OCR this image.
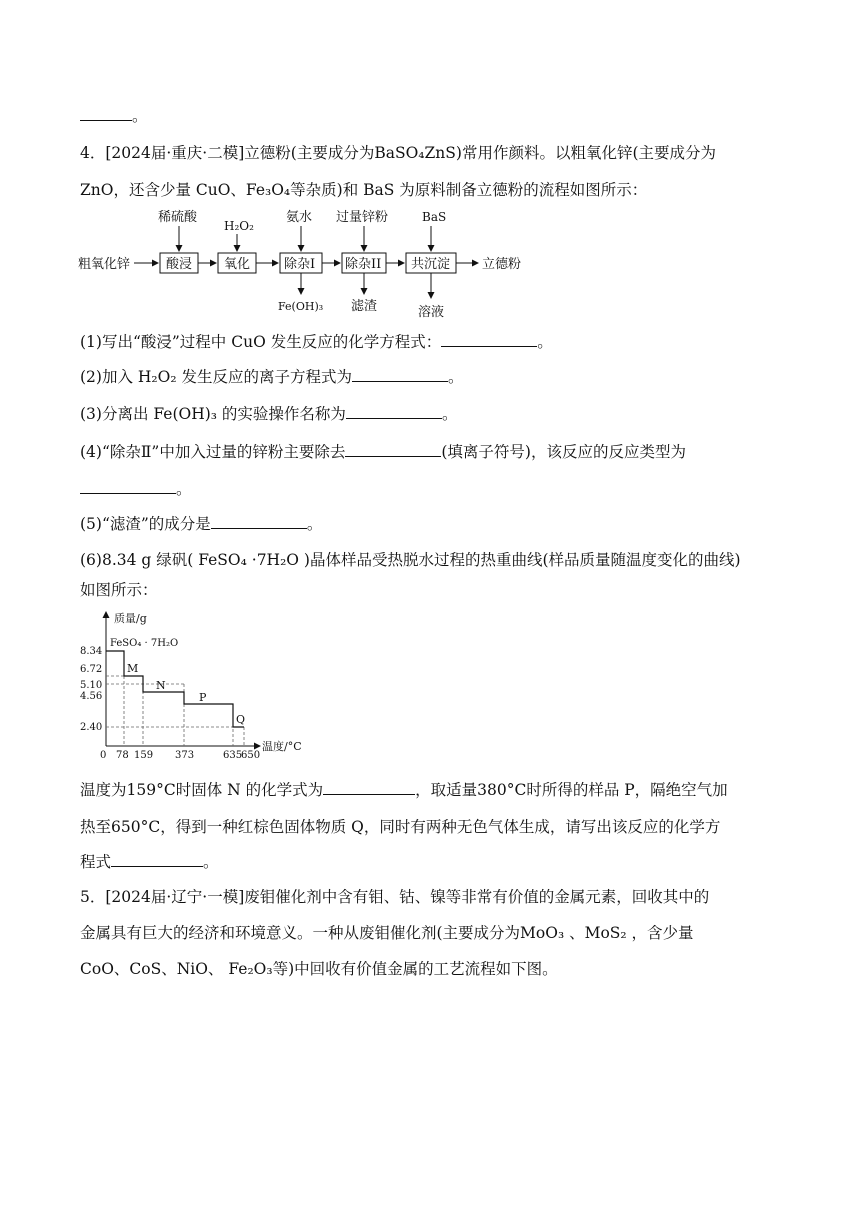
。
4．[2024届·重庆·二模]立德粉(主要成分为BaSO₄ZnS)常用作颜料。以粗氧化锌(主要成分为
ZnO，还含少量 CuO、Fe₃O₄等杂质)和 BaS 为原料制备立德粉的流程如图所示：
粗氧化锌	酸浸 氧化	除杂I 除杂II 共沉淀 立德粉
稀硫酸
H₂O₂
氨水 过量锌粉	BaS
Fe(OH)₃ 滤渣	溶液
(1)写出“酸浸”过程中 CuO 发生反应的化学方程式：	。
(2)加入 H₂O₂ 发生反应的离子方程式为	。
(3)分离出 Fe(OH)₃ 的实验操作名称为	。
(4)“除杂Ⅱ”中加入过量的锌粉主要除去	(填离子符号)，该反应的反应类型为
。
(5)“滤渣”的成分是	。
(6)8.34 g 绿矾( FeSO₄ ·7H₂O )晶体样品受热脱水过程的热重曲线(样品质量随温度变化的曲线)
如图所示：
质量/g
温度/°C
0
8.34
6.72
5.10
4.56
2.40
78 159 373	635
650
FeSO₄ · 7H₂O
M
N
P
Q
温度为159°C时固体 N 的化学式为	，取适量380°C时所得的样品 P，隔绝空气加
热至650°C，得到一种红棕色固体物质 Q，同时有两种无色气体生成，请写出该反应的化学方
程式	。
5．[2024届·辽宁·一模]废钼催化剂中含有钼、钴、镍等非常有价值的金属元素，回收其中的
金属具有巨大的经济和环境意义。一种从废钼催化剂(主要成分为MoO₃ 、MoS₂ ，含少量
CoO、CoS、NiO、 Fe₂O₃等)中回收有价值金属的工艺流程如下图。
